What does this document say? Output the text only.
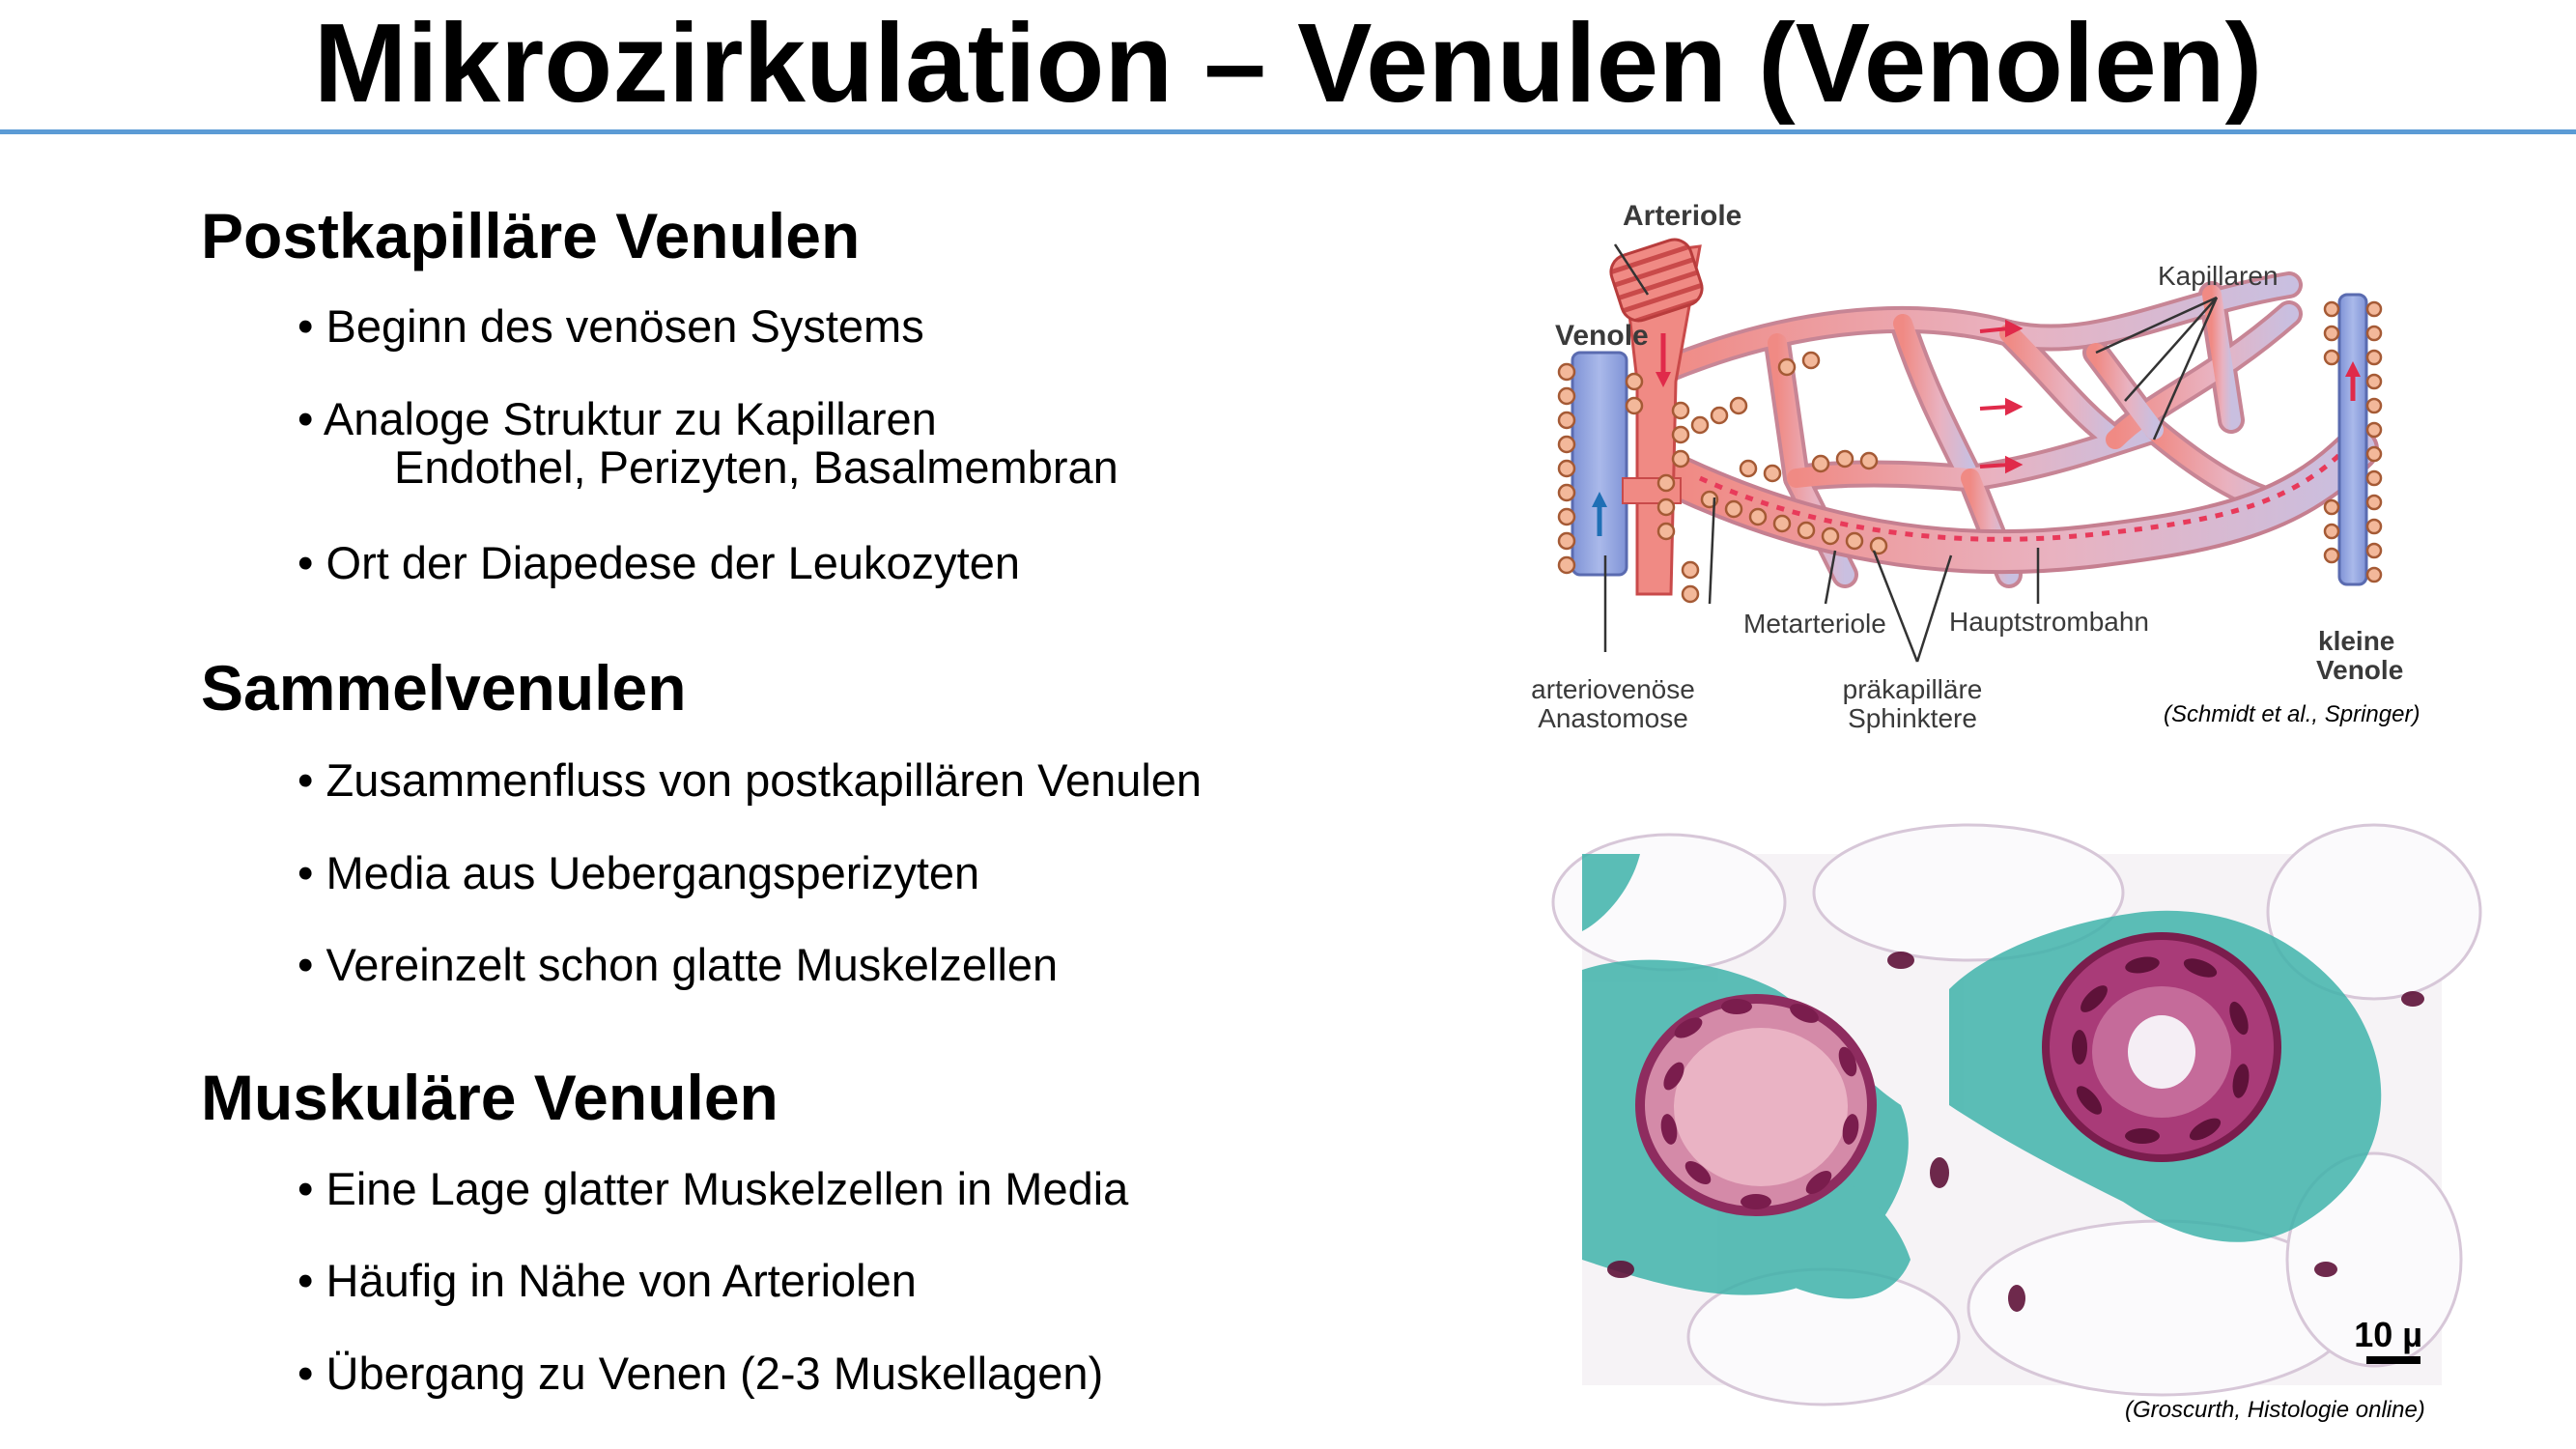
Mikrozirkulation – Venulen (Venolen)
Postkapilläre Venulen
• Beginn des venösen Systems
• Analoge Struktur zu Kapillaren
Endothel, Perizyten, Basalmembran
• Ort der Diapedese der Leukozyten
Sammelvenulen
• Zusammenfluss von postkapillären Venulen
• Media aus Uebergangsperizyten
• Vereinzelt schon glatte Muskelzellen
Muskuläre Venulen
• Eine Lage glatter Muskelzellen in Media
• Häufig in Nähe von Arteriolen
• Übergang zu Venen (2-3 Muskellagen)
Arteriole
Venole
Kapillaren
Metarteriole Hauptstrombahn
kleine
Venole
arteriovenöse
Anastomose
präkapilläre
Sphinktere	(Schmidt et al., Springer)
10 µ
(Groscurth, Histologie online)
